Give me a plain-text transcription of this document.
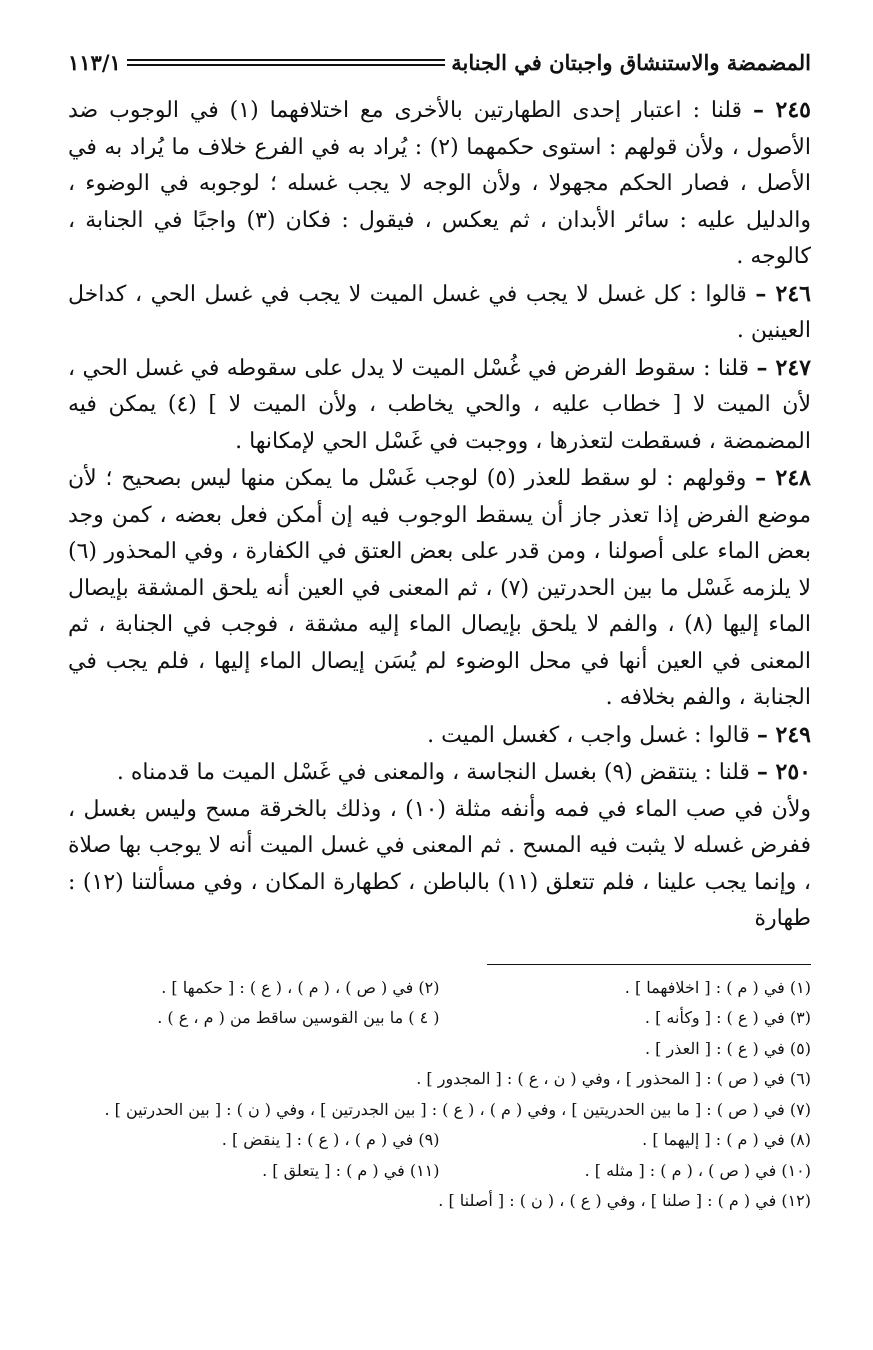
المضمضة والاستنشاق واجبتان في الجنابة
١١٣/١

٢٤٥ – قلنا : اعتبار إحدى الطهارتين بالأخرى مع اختلافهما (١) في الوجوب ضد الأصول ، ولأن قولهم : استوى حكمهما (٢) : يُراد به في الفرع خلاف ما يُراد به في الأصل ، فصار الحكم مجهولا ، ولأن الوجه لا يجب غسله ؛ لوجوبه في الوضوء ، والدليل عليه : سائر الأبدان ، ثم يعكس ، فيقول : فكان (٣) واجبًا في الجنابة ، كالوجه .

٢٤٦ – قالوا : كل غسل لا يجب في غسل الميت لا يجب في غسل الحي ، كداخل العينين .

٢٤٧ – قلنا : سقوط الفرض في غُسْل الميت لا يدل على سقوطه في غسل الحي ، لأن الميت لا [ خطاب عليه ، والحي يخاطب ، ولأن الميت لا ] (٤) يمكن فيه المضمضة ، فسقطت لتعذرها ، ووجبت في غَسْل الحي لإمكانها .

٢٤٨ – وقولهم : لو سقط للعذر (٥) لوجب غَسْل ما يمكن منها ليس بصحيح ؛ لأن موضع الفرض إذا تعذر جاز أن يسقط الوجوب فيه إن أمكن فعل بعضه ، كمن وجد بعض الماء على أصولنا ، ومن قدر على بعض العتق في الكفارة ، وفي المحذور (٦) لا يلزمه غَسْل ما بين الحدرتين (٧) ، ثم المعنى في العين أنه يلحق المشقة بإيصال الماء إليها (٨) ، والفم لا يلحق بإيصال الماء إليه مشقة ، فوجب في الجنابة ، ثم المعنى في العين أنها في محل الوضوء لم يُسَن إيصال الماء إليها ، فلم يجب في الجنابة ، والفم بخلافه .

٢٤٩ – قالوا : غسل واجب ، كغسل الميت .

٢٥٠ – قلنا : ينتقض (٩) بغسل النجاسة ، والمعنى في غَسْل الميت ما قدمناه .

ولأن في صب الماء في فمه وأنفه مثلة (١٠) ، وذلك بالخرقة مسح وليس بغسل ، ففرض غسله لا يثبت فيه المسح . ثم المعنى في غسل الميت أنه لا يوجب بها صلاة ، وإنما يجب علينا ، فلم تتعلق (١١) بالباطن ، كطهارة المكان ، وفي مسألتنا (١٢) : طهارة

(١) في ( م ) : [ اخلافهما ] .
(٢) في ( ص ) ، ( م ) ، ( ع ) : [ حكمها ] .
(٣) في ( ع ) : [ وكأنه ] .
( ٤ ) ما بين القوسين ساقط من ( م ، ع ) .
(٥) في ( ع ) : [ العذر ] .
(٦) في ( ص ) : [ المحذور ] ، وفي ( ن ، ع ) : [ المجدور ] .
(٧) في ( ص ) : [ ما بين الحدريتين ] ، وفي ( م ) ، ( ع ) : [ بين الجدرتين ] ، وفي ( ن ) : [ بين الحدرتين ] .
(٨) في ( م ) : [ إليهما ] .
(٩) في ( م ) ، ( ع ) : [ ينقض ] .
(١٠) في ( ص ) ، ( م ) : [ مثله ] .
(١١) في ( م ) : [ يتعلق ] .
(١٢) في ( م ) : [ صلنا ] ، وفي ( ع ) ، ( ن ) : [ أصلنا ] .
